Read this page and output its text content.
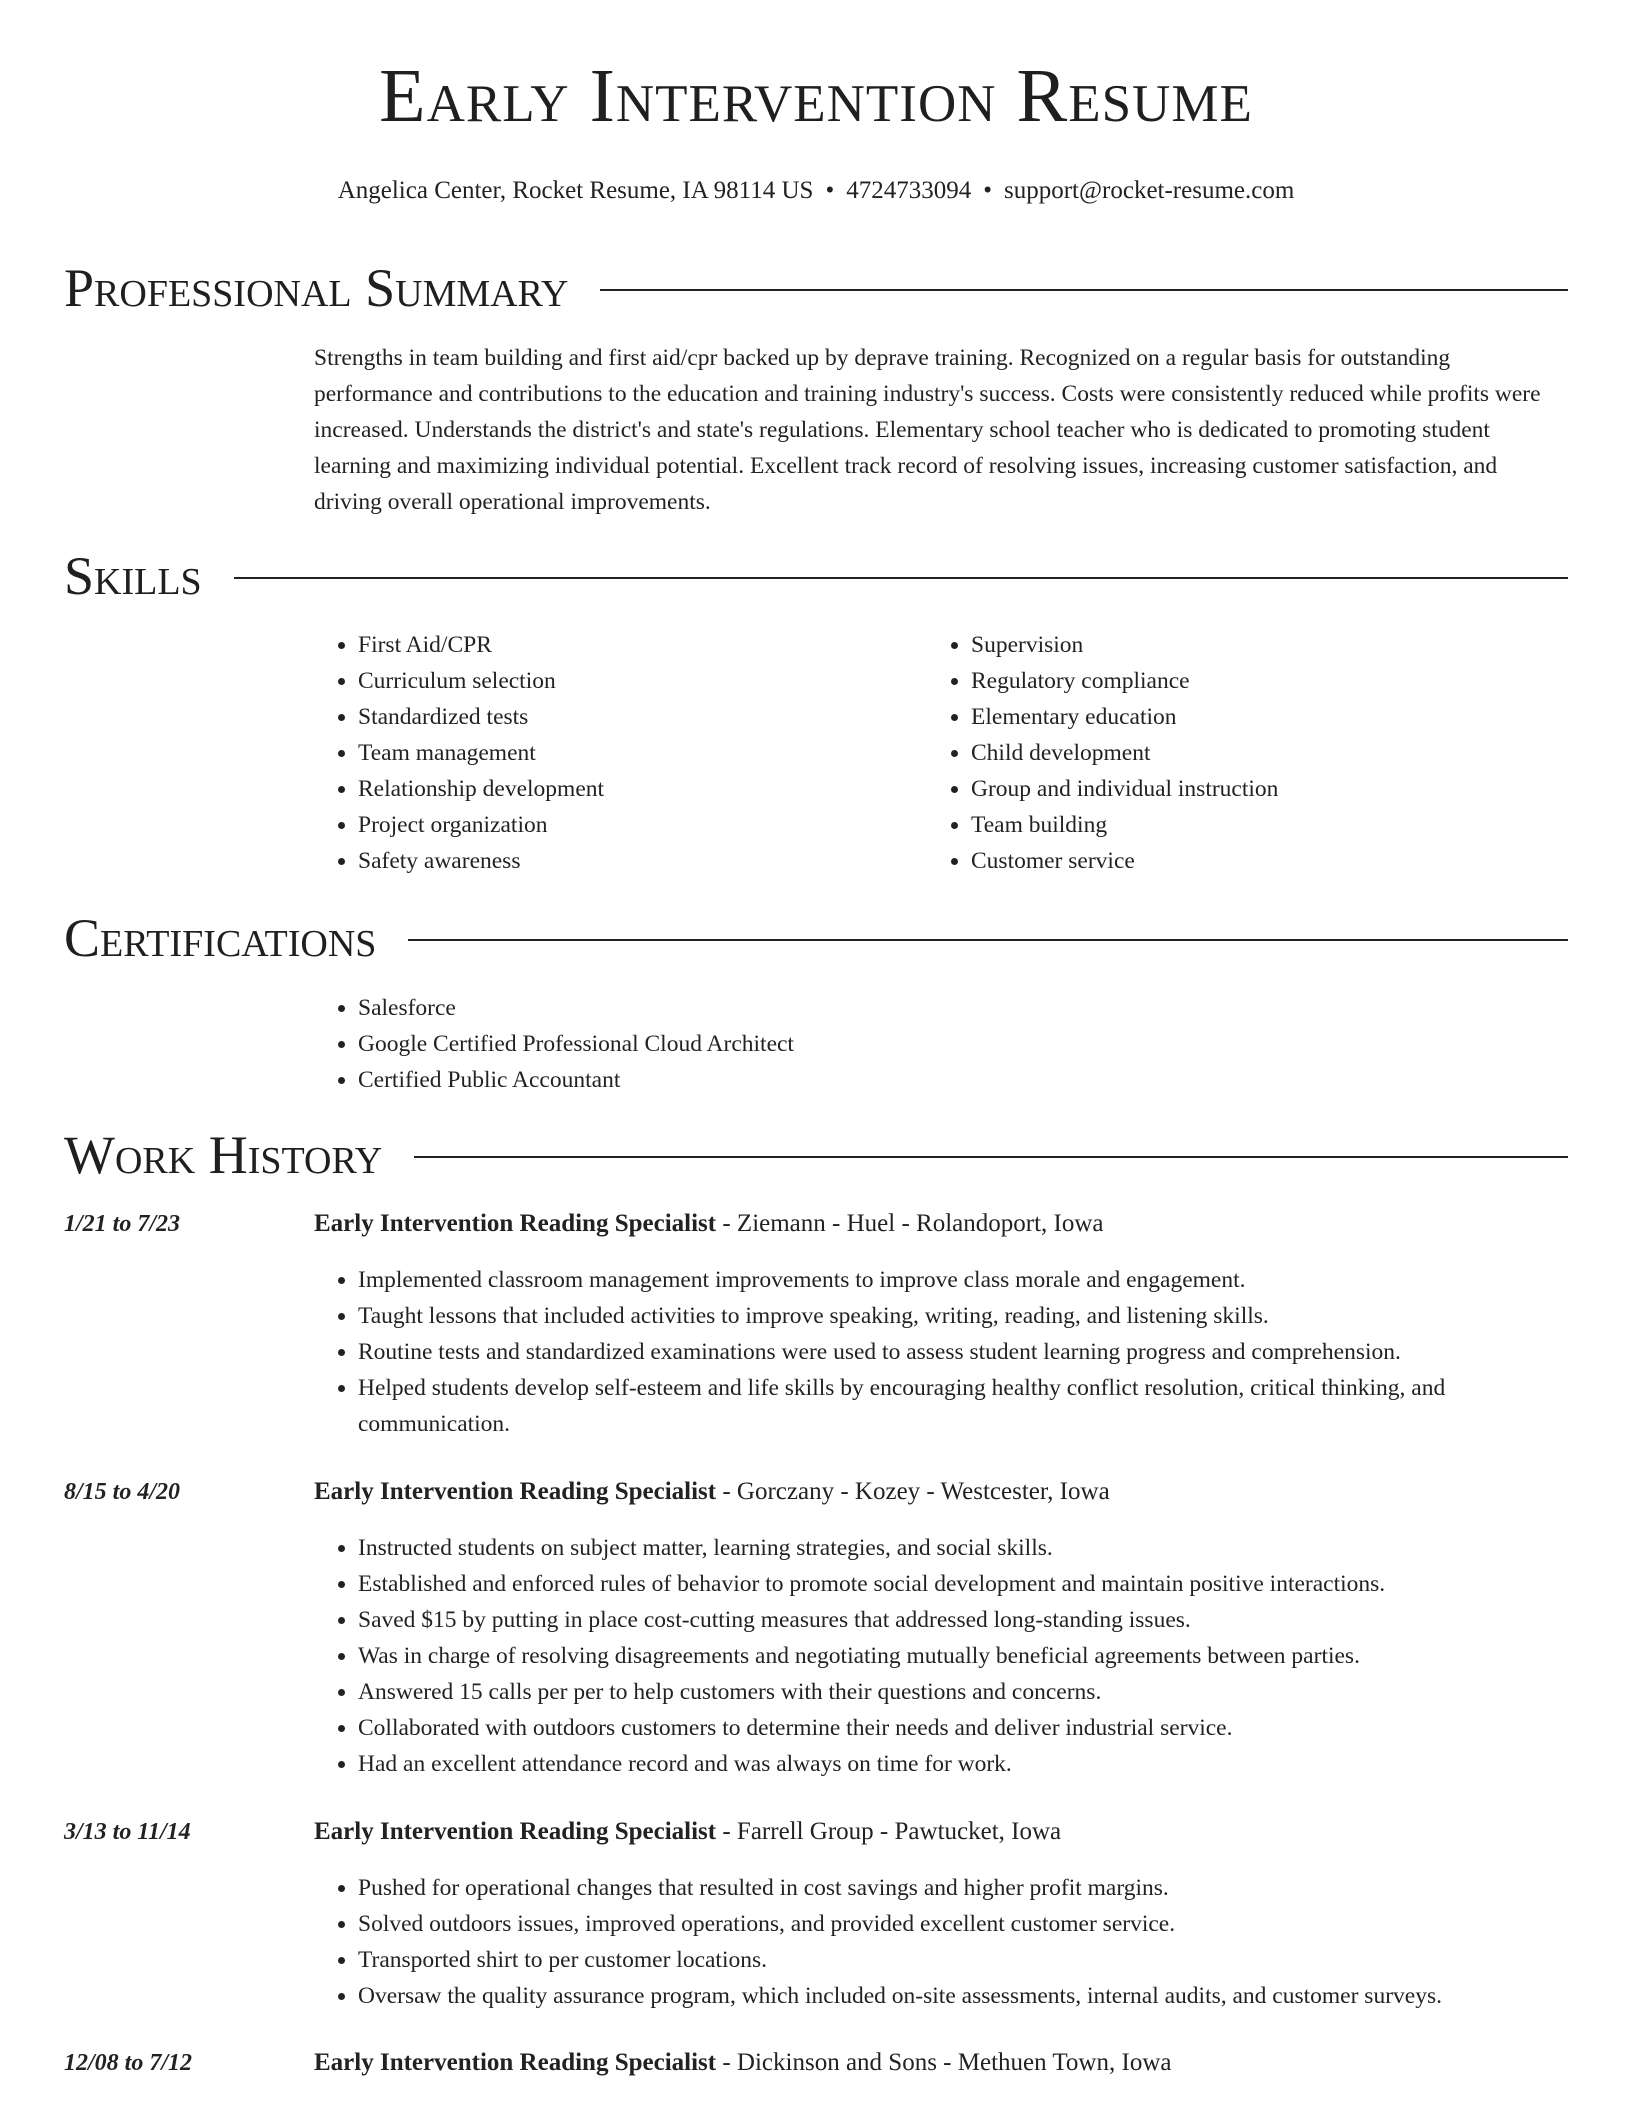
Early Intervention Resume
Angelica Center, Rocket Resume, IA 98114 US • 4724733094 • support@rocket-resume.com
Professional Summary

Strengths in team building and first aid/cpr backed up by deprave training. Recognized on a regular basis for outstanding performance and contributions to the education and training industry's success. Costs were consistently reduced while profits were increased. Understands the district's and state's regulations. Elementary school teacher who is dedicated to promoting student learning and maximizing individual potential. Excellent track record of resolving issues, increasing customer satisfaction, and driving overall operational improvements.

Skills
• First Aid/CPR
• Curriculum selection
• Standardized tests
• Team management
• Relationship development
• Project organization
• Safety awareness
• Supervision
• Regulatory compliance
• Elementary education
• Child development
• Group and individual instruction
• Team building
• Customer service
Certifications
• Salesforce
• Google Certified Professional Cloud Architect
• Certified Public Accountant
Work History
1/21 to 7/23	Early Intervention Reading Specialist - Ziemann - Huel - Rolandoport, Iowa
• Implemented classroom management improvements to improve class morale and engagement.
• Taught lessons that included activities to improve speaking, writing, reading, and listening skills.
• Routine tests and standardized examinations were used to assess student learning progress and comprehension.
• Helped students develop self-esteem and life skills by encouraging healthy conflict resolution, critical thinking, and communication.
8/15 to 4/20	Early Intervention Reading Specialist - Gorczany - Kozey - Westcester, Iowa
• Instructed students on subject matter, learning strategies, and social skills.
• Established and enforced rules of behavior to promote social development and maintain positive interactions.
• Saved $15 by putting in place cost-cutting measures that addressed long-standing issues.
• Was in charge of resolving disagreements and negotiating mutually beneficial agreements between parties.
• Answered 15 calls per per to help customers with their questions and concerns.
• Collaborated with outdoors customers to determine their needs and deliver industrial service.
• Had an excellent attendance record and was always on time for work.
3/13 to 11/14	Early Intervention Reading Specialist - Farrell Group - Pawtucket, Iowa
• Pushed for operational changes that resulted in cost savings and higher profit margins.
• Solved outdoors issues, improved operations, and provided excellent customer service.
• Transported shirt to per customer locations.
• Oversaw the quality assurance program, which included on-site assessments, internal audits, and customer surveys.
12/08 to 7/12	Early Intervention Reading Specialist - Dickinson and Sons - Methuen Town, Iowa
